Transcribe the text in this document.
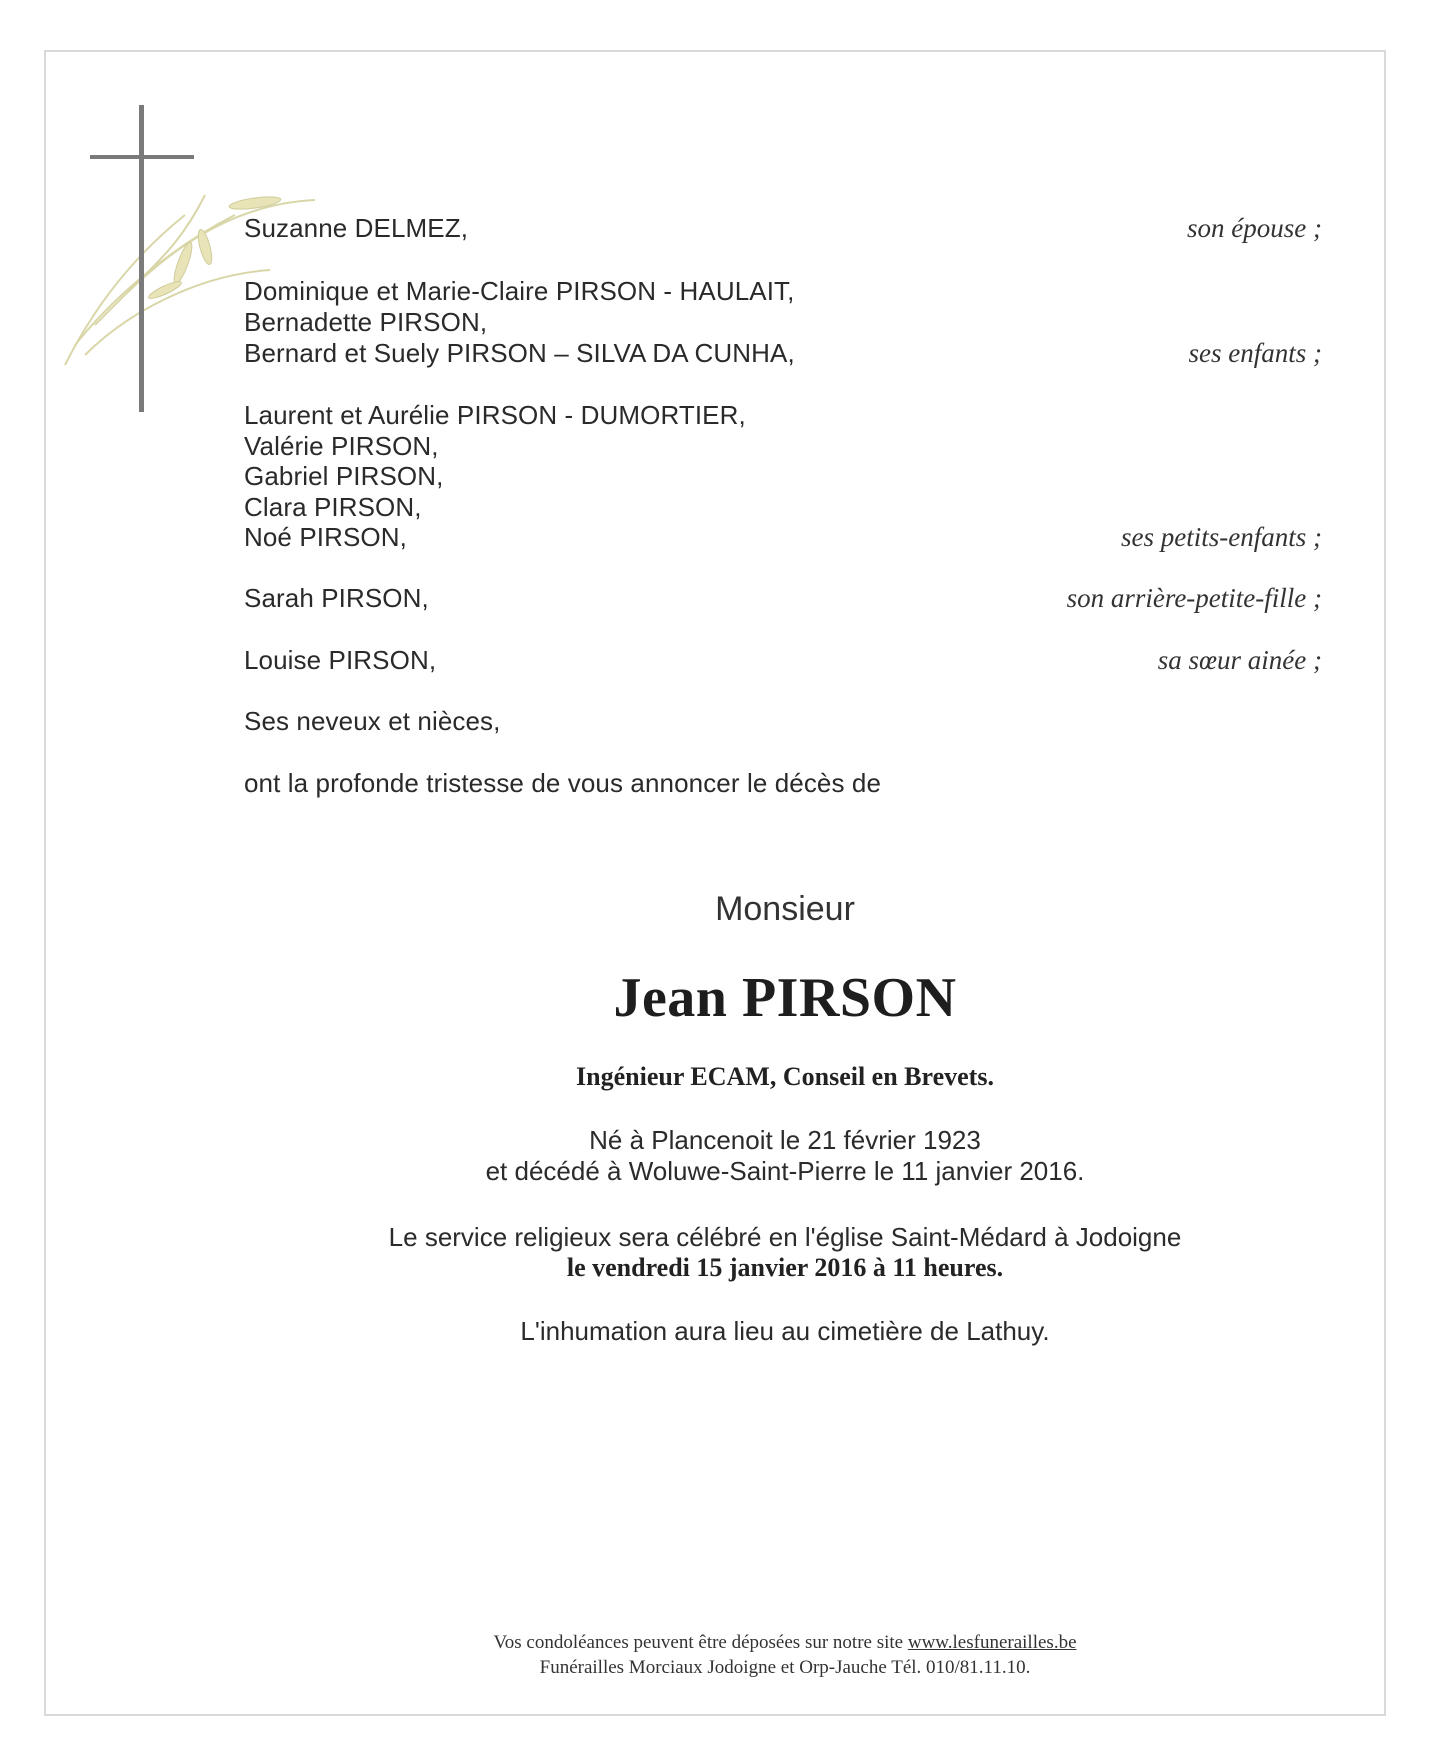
Suzanne DELMEZ,	son épouse ;
Dominique et Marie-Claire PIRSON - HAULAIT,
Bernadette PIRSON,
Bernard et Suely PIRSON – SILVA DA CUNHA,	ses enfants ;
Laurent et Aurélie PIRSON - DUMORTIER,
Valérie PIRSON,
Gabriel PIRSON,
Clara PIRSON,
Noé PIRSON,	ses petits-enfants ;
Sarah PIRSON,	son arrière-petite-fille ;
Louise PIRSON,	sa sœur ainée ;
Ses neveux et nièces,
ont la profonde tristesse de vous annoncer le décès de
Monsieur
Jean PIRSON
Ingénieur ECAM, Conseil en Brevets.
Né à Plancenoit le 21 février 1923
et décédé à Woluwe-Saint-Pierre le 11 janvier 2016.
Le service religieux sera célébré en l'église Saint-Médard à Jodoigne
le vendredi 15 janvier 2016 à 11 heures.
L'inhumation aura lieu au cimetière de Lathuy.
Vos condoléances peuvent être déposées sur notre site www.lesfunerailles.be
Funérailles Morciaux Jodoigne et Orp-Jauche Tél. 010/81.11.10.
